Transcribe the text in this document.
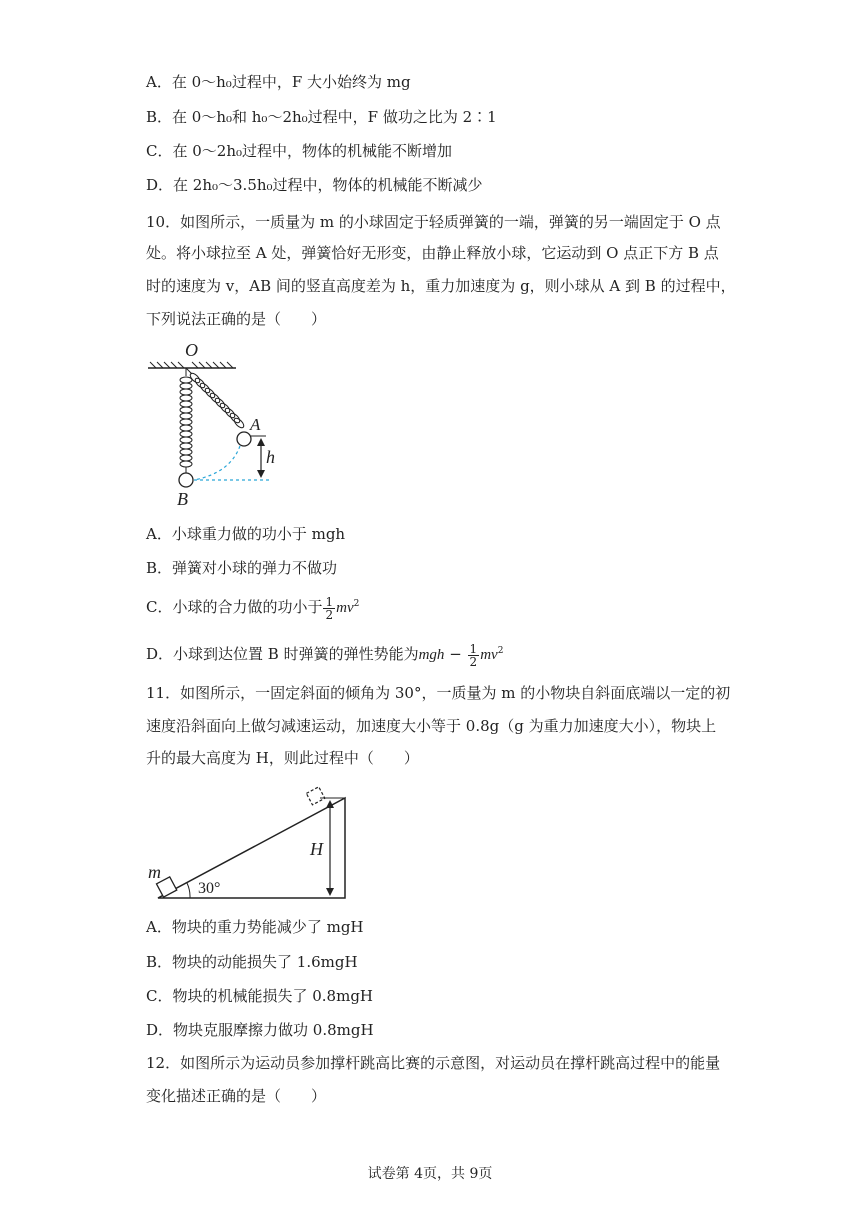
A．在 0～h₀过程中，F 大小始终为 mg
B．在 0～h₀和 h₀～2h₀过程中，F 做功之比为 2∶1
C．在 0～2h₀过程中，物体的机械能不断增加
D．在 2h₀～3.5h₀过程中，物体的机械能不断减少
10．如图所示，一质量为 m 的小球固定于轻质弹簧的一端，弹簧的另一端固定于 O 点
处。将小球拉至 A 处，弹簧恰好无形变，由静止释放小球，它运动到 O 点正下方 B 点
时的速度为 v，AB 间的竖直高度差为 h，重力加速度为 g，则小球从 A 到 B 的过程中，
下列说法正确的是（　　）
O
A
h
B
A．小球重力做的功小于 mgh
B．弹簧对小球的弹力不做功
C．小球的合力做的功小于 $\frac{1}{2} mv^2$
D．小球到达位置 B 时弹簧的弹性势能为mgh − $\frac{1}{2} mv^2$
11．如图所示，一固定斜面的倾角为 30°，一质量为 m 的小物块自斜面底端以一定的初
速度沿斜面向上做匀减速运动，加速度大小等于 0.8g（g 为重力加速度大小），物块上
升的最大高度为 H，则此过程中（　　）
m
30°
H
A．物块的重力势能减少了 mgH
B．物块的动能损失了 1.6mgH
C．物块的机械能损失了 0.8mgH
D．物块克服摩擦力做功 0.8mgH
12．如图所示为运动员参加撑杆跳高比赛的示意图，对运动员在撑杆跳高过程中的能量
变化描述正确的是（　　）
试卷第 4页，共 9页
